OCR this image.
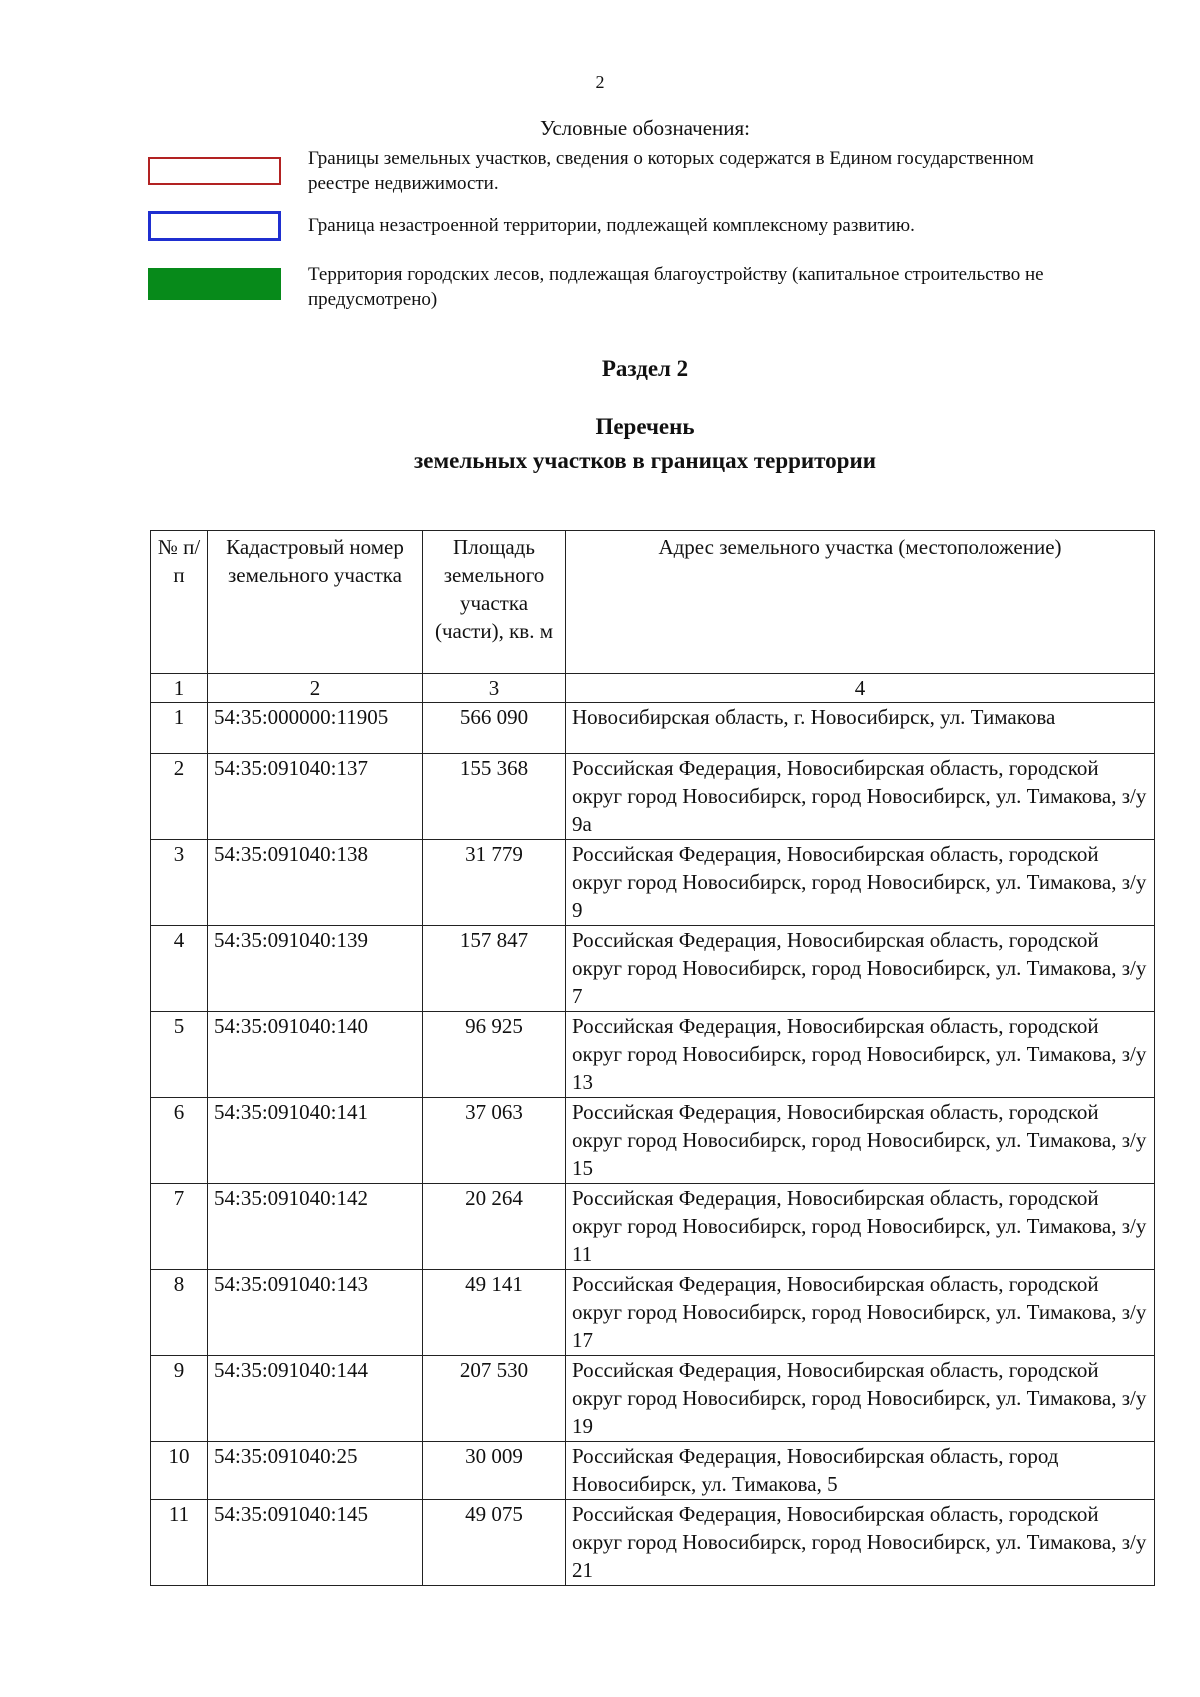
2
Условные обозначения:
Границы земельных участков, сведения о которых содержатся в Едином государственном реестре недвижимости.
Граница незастроенной территории, подлежащей комплексному развитию.
Территория городских лесов, подлежащая благоустройству (капитальное строительство не предусмотрено)
Раздел 2
Перечень
земельных участков в границах территории
№ п/п	Кадастровый номер земельного участка	Площадь земельного участка (части), кв. м	Адрес земельного участка (местоположение)
1	2	3	4
1	54:35:000000:11905	566 090	Новосибирская область, г. Новосибирск, ул. Тимакова
2	54:35:091040:137	155 368	Российская Федерация, Новосибирская область, городской округ город Новосибирск, город Новосибирск, ул. Тимакова, з/у 9а
3	54:35:091040:138	31 779	Российская Федерация, Новосибирская область, городской округ город Новосибирск, город Новосибирск, ул. Тимакова, з/у 9
4	54:35:091040:139	157 847	Российская Федерация, Новосибирская область, городской округ город Новосибирск, город Новосибирск, ул. Тимакова, з/у 7
5	54:35:091040:140	96 925	Российская Федерация, Новосибирская область, городской округ город Новосибирск, город Новосибирск, ул. Тимакова, з/у 13
6	54:35:091040:141	37 063	Российская Федерация, Новосибирская область, городской округ город Новосибирск, город Новосибирск, ул. Тимакова, з/у 15
7	54:35:091040:142	20 264	Российская Федерация, Новосибирская область, городской округ город Новосибирск, город Новосибирск, ул. Тимакова, з/у 11
8	54:35:091040:143	49 141	Российская Федерация, Новосибирская область, городской округ город Новосибирск, город Новосибирск, ул. Тимакова, з/у 17
9	54:35:091040:144	207 530	Российская Федерация, Новосибирская область, городской округ город Новосибирск, город Новосибирск, ул. Тимакова, з/у 19
10	54:35:091040:25	30 009	Российская Федерация, Новосибирская область, город Новосибирск, ул. Тимакова, 5
11	54:35:091040:145	49 075	Российская Федерация, Новосибирская область, городской округ город Новосибирск, город Новосибирск, ул. Тимакова, з/у 21
